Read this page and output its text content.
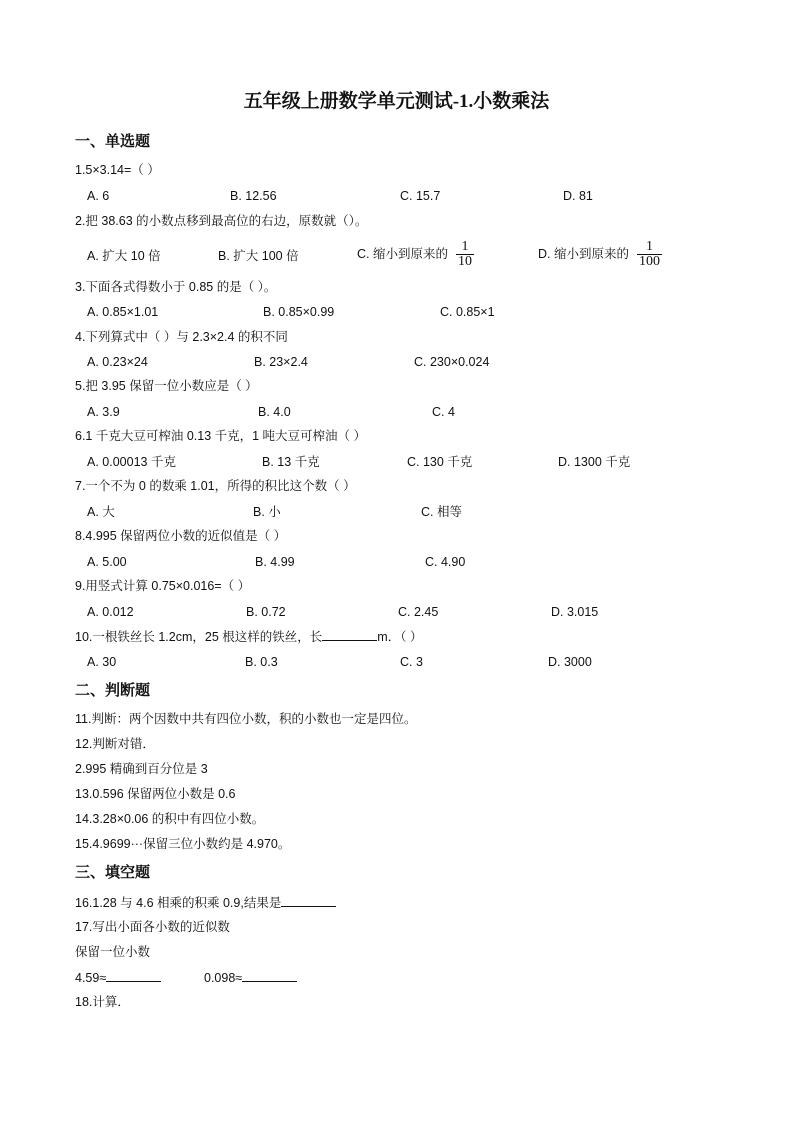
五年级上册数学单元测试-1.小数乘法
一、单选题
二、判断题
三、填空题
1.5×3.14=（ ）
A. 6	B. 12.56	C. 15.7	D. 81
2.把 38.63 的小数点移到最高位的右边，原数就（）。
A. 扩大 10 倍	B. 扩大 100 倍	C. 缩小到原来的 $\frac{1}{10}$	D. 缩小到原来的 $\frac{1}{100}$
3.下面各式得数小于 0.85 的是（ ）。
A. 0.85×1.01	B. 0.85×0.99	C. 0.85×1
4.下列算式中（ ）与 2.3×2.4 的积不同
A. 0.23×24	B. 23×2.4	C. 230×0.024
5.把 3.95 保留一位小数应是（ ）
A. 3.9	B. 4.0	C. 4
6.1 千克大豆可榨油 0.13 千克，1 吨大豆可榨油（ ）
A. 0.00013 千克	B. 13 千克	C. 130 千克	D. 1300 千克
7.一个不为 0 的数乘 1.01，所得的积比这个数（ ）
A. 大	B. 小	C. 相等
8.4.995 保留两位小数的近似值是（ ）
A. 5.00	B. 4.99	C. 4.90
9.用竖式计算 0.75×0.016=（ ）
A. 0.012	B. 0.72	C. 2.45	D. 3.015
10.一根铁丝长 1.2cm，25 根这样的铁丝，长	m．（ ）
A. 30	B. 0.3	C. 3	D. 3000
11.判断：两个因数中共有四位小数，积的小数也一定是四位。
12.判断对错．
2.995 精确到百分位是 3
13.0.596 保留两位小数是 0.6
14.3.28×0.06 的积中有四位小数。
15.4.9699···保留三位小数约是 4.970。
16.1.28 与 4.6 相乘的积乘 0.9,结果是
17.写出小面各小数的近似数
保留一位小数
4.59≈	0.098≈
18.计算．
